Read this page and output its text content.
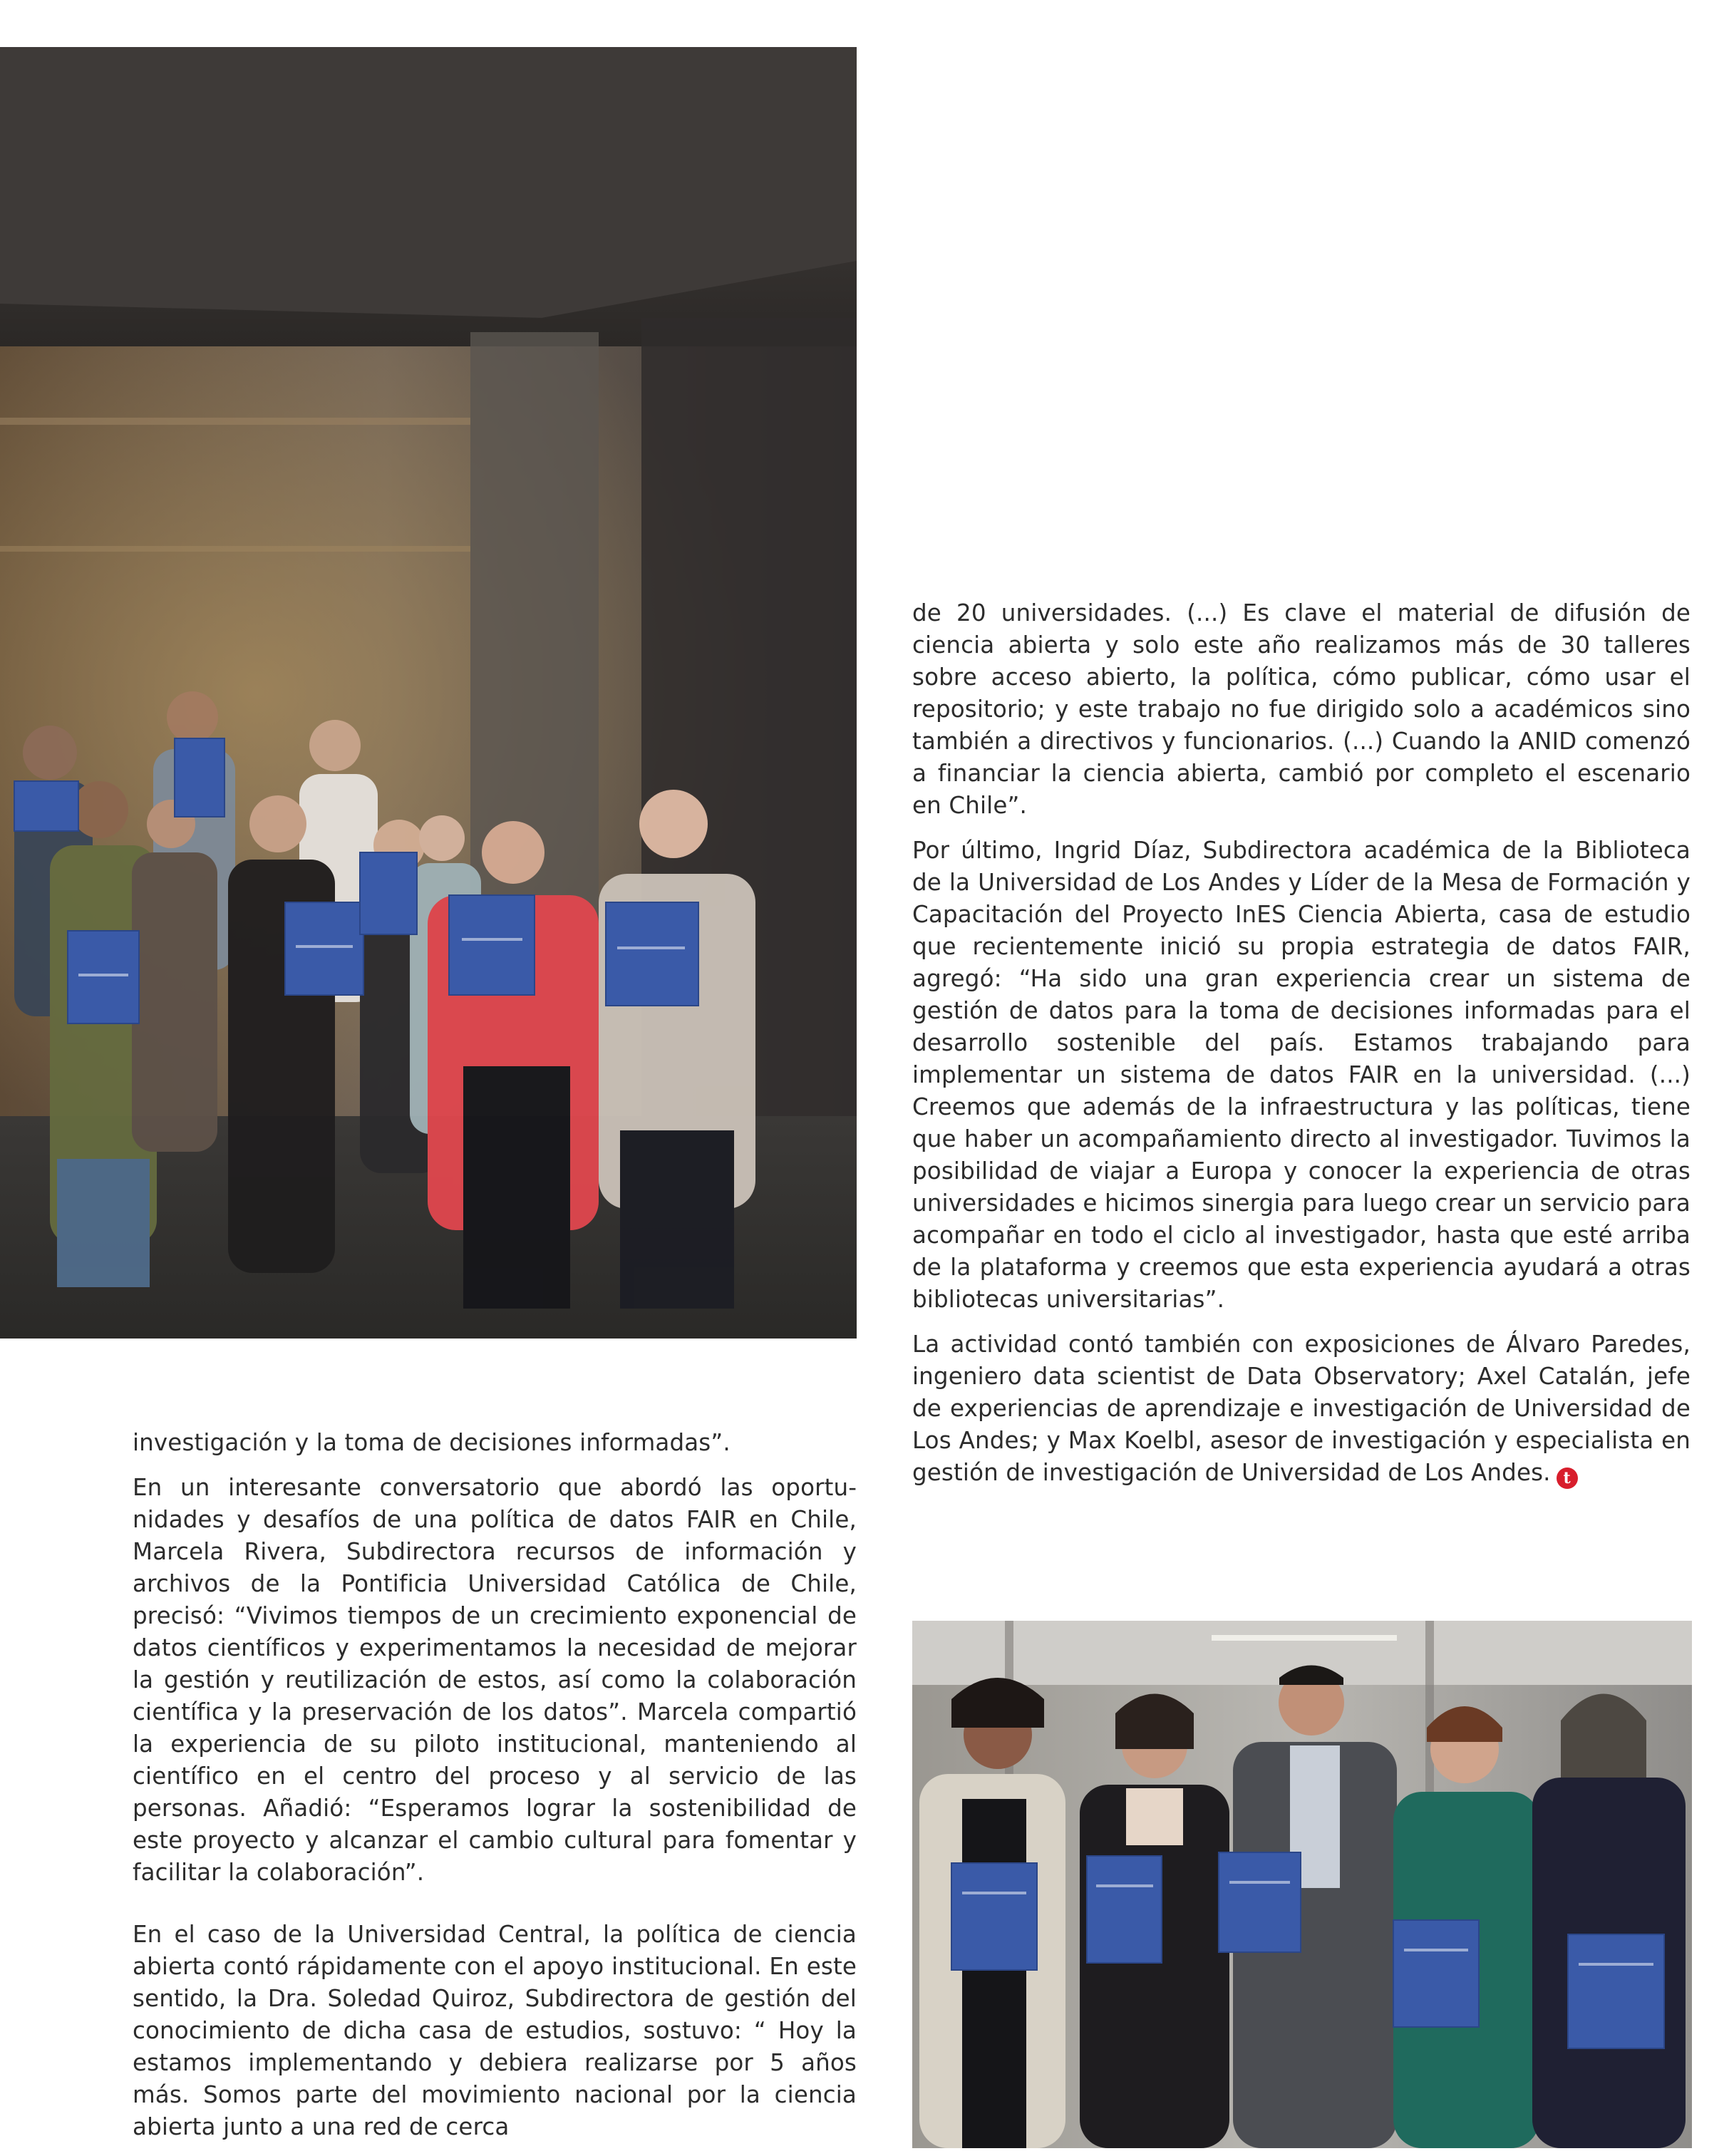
de 20 universidades. (...) Es clave el material de difusión de ciencia abierta y solo este año realizamos más de 30 talleres sobre acceso abierto, la política, cómo publicar, cómo usar el repositorio; y este trabajo no fue dirigido solo a académicos sino también a directivos y funcionarios. (...) Cuando la ANID comenzó a financiar la ciencia abierta, cambió por completo el escenario en Chile”.

Por último, Ingrid Díaz, Subdirectora académica de la Biblioteca de la Universidad de Los Andes y Líder de la Mesa de Formación y Capacitación del Proyecto InES Ciencia Abierta, casa de estudio que recientemente inició su propia estrategia de datos FAIR, agregó: “Ha sido una gran experiencia crear un sistema de gestión de datos para la toma de decisiones informadas para el desarrollo sostenible del país. Estamos trabajando para implementar un sistema de datos FAIR en la universidad. (...) Creemos que además de la infraestructura y las políticas, tiene que haber un acompañamiento directo al investigador. Tuvimos la posibilidad de viajar a Europa y conocer la experiencia de otras universidades e hicimos sinergia para luego crear un servicio para acompañar en todo el ciclo al investigador, hasta que esté arriba de la plataforma y creemos que esta experiencia ayudará a otras bibliotecas universitarias”.

La actividad contó también con exposiciones de Álvaro Paredes, ingeniero data scientist de Data Observatory; Axel Catalán, jefe de experiencias de aprendizaje e investigación de Universidad de Los Andes; y Max Koelbl, asesor de investigación y especialista en gestión de investigación de Universidad de Los Andes. t

investigación y la toma de decisiones informadas”.

En un interesante conversatorio que abordó las oportunidades y desafíos de una política de datos FAIR en Chile, Marcela Rivera, Subdirectora recursos de información y archivos de la Pontificia Universidad Católica de Chile, precisó: “Vivimos tiempos de un crecimiento exponencial de datos científicos y experimentamos la necesidad de mejorar la gestión y reutilización de estos, así como la colaboración científica y la preservación de los datos”. Marcela compartió la experiencia de su piloto institucional, manteniendo al científico en el centro del proceso y al servicio de las personas. Añadió: “Esperamos lograr la sostenibilidad de este proyecto y alcanzar el cambio cultural para fomentar y facilitar la colaboración”.

En el caso de la Universidad Central, la política de ciencia abierta contó rápidamente con el apoyo institucional. En este sentido, la Dra. Soledad Quiroz, Subdirectora de gestión del conocimiento de dicha casa de estudios, sostuvo: “ Hoy la estamos implementando y debiera realizarse por 5 años más. Somos parte del movimiento nacional por la ciencia abierta junto a una red de cerca
